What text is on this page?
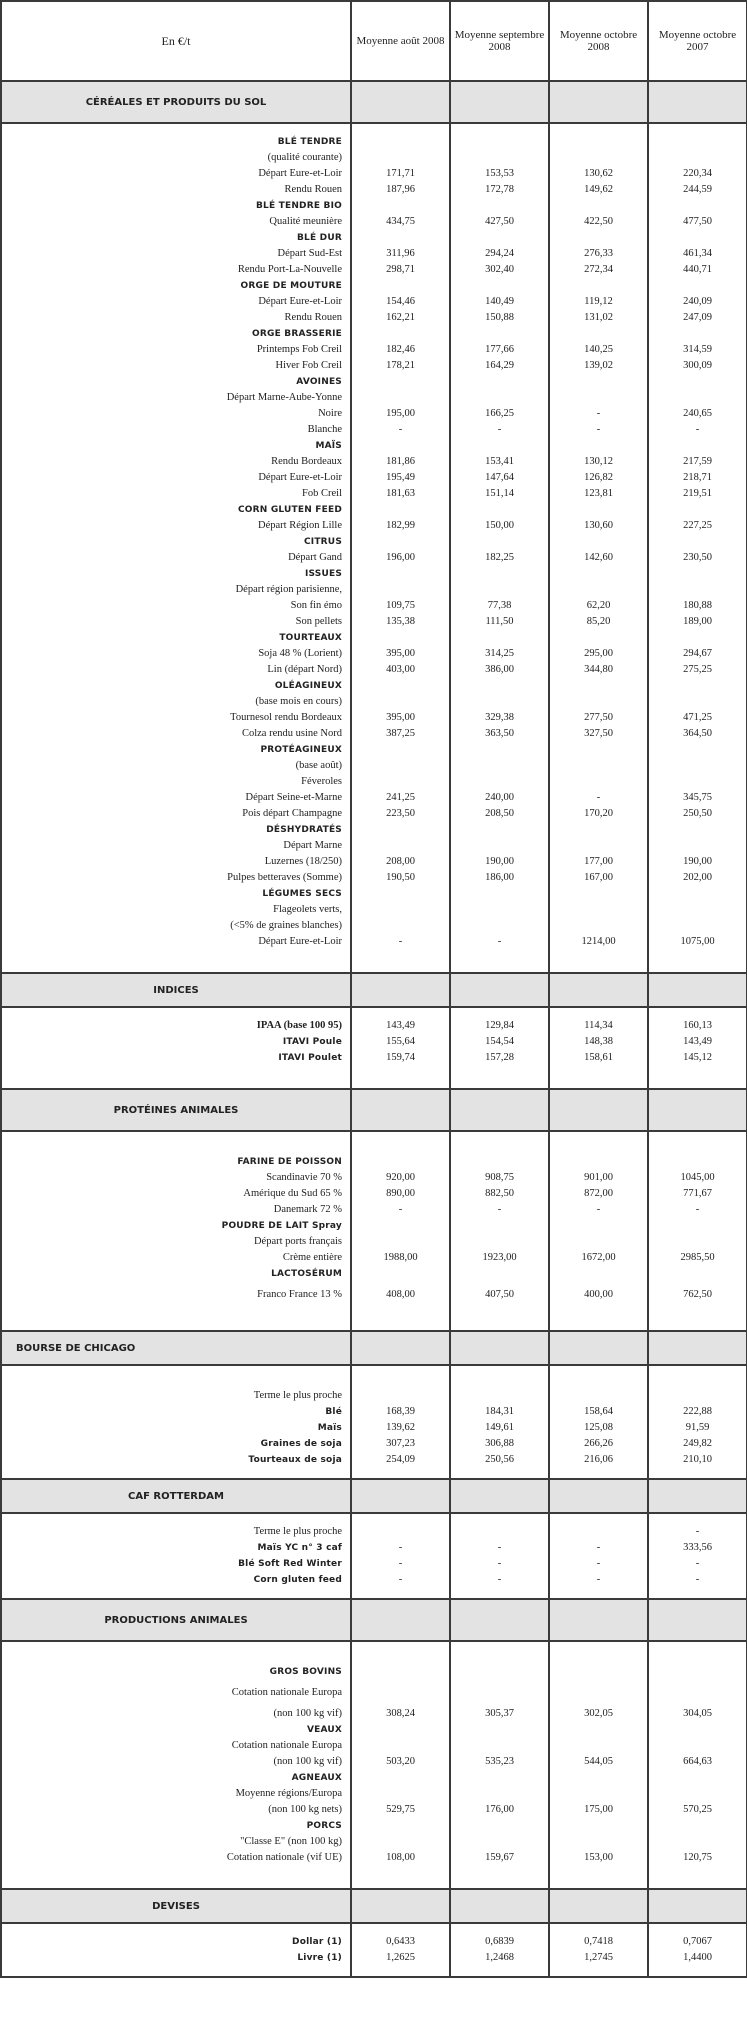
En €/t	Moyenne août 2008	Moyenne septembre 2008	Moyenne octobre 2008	Moyenne octobre 2007
CÉRÉALES ET PRODUITS DU SOL				

BLÉ TENDRE				
(qualité courante)				
Départ Eure-et-Loir	171,71	153,53	130,62	220,34
Rendu Rouen	187,96	172,78	149,62	244,59
BLÉ TENDRE BIO				
Qualité meunière	434,75	427,50	422,50	477,50
BLÉ DUR				
Départ Sud-Est	311,96	294,24	276,33	461,34
Rendu Port-La-Nouvelle	298,71	302,40	272,34	440,71
ORGE DE MOUTURE				
Départ Eure-et-Loir	154,46	140,49	119,12	240,09
Rendu Rouen	162,21	150,88	131,02	247,09
ORGE BRASSERIE				
Printemps Fob Creil	182,46	177,66	140,25	314,59
Hiver Fob Creil	178,21	164,29	139,02	300,09
AVOINES				
Départ Marne-Aube-Yonne				
Noire	195,00	166,25	-	240,65
Blanche	-	-	-	-
MAÏS				
Rendu Bordeaux	181,86	153,41	130,12	217,59
Départ Eure-et-Loir	195,49	147,64	126,82	218,71
Fob Creil	181,63	151,14	123,81	219,51
CORN GLUTEN FEED				
Départ Région Lille	182,99	150,00	130,60	227,25
CITRUS				
Départ Gand	196,00	182,25	142,60	230,50
ISSUES				
Départ région parisienne,				
Son fin émo	109,75	77,38	62,20	180,88
Son pellets	135,38	111,50	85,20	189,00
TOURTEAUX				
Soja 48 % (Lorient)	395,00	314,25	295,00	294,67
Lin (départ Nord)	403,00	386,00	344,80	275,25
OLÉAGINEUX				
(base mois en cours)				
Tournesol rendu Bordeaux	395,00	329,38	277,50	471,25
Colza rendu usine Nord	387,25	363,50	327,50	364,50
PROTÉAGINEUX				
(base août)				
Féveroles				
Départ Seine-et-Marne	241,25	240,00	-	345,75
Pois départ Champagne	223,50	208,50	170,20	250,50
DÉSHYDRATÉS				
Départ Marne				
Luzernes (18/250)	208,00	190,00	177,00	190,00
Pulpes betteraves (Somme)	190,50	186,00	167,00	202,00
LÉGUMES SECS				
Flageolets verts,				
(<5% de graines blanches)				
Départ Eure-et-Loir	-	-	1214,00	1075,00

INDICES				

IPAA (base 100 95)	143,49	129,84	114,34	160,13
ITAVI Poule	155,64	154,54	148,38	143,49
ITAVI Poulet	159,74	157,28	158,61	145,12

PROTÉINES ANIMALES				

FARINE DE POISSON				
Scandinavie 70 %	920,00	908,75	901,00	1045,00
Amérique du Sud 65 %	890,00	882,50	872,00	771,67
Danemark 72 %	-	-	-	-
POUDRE DE LAIT Spray				
Départ ports français				
Crème entière	1988,00	1923,00	1672,00	2985,50
LACTOSÉRUM				
Franco France 13 %	408,00	407,50	400,00	762,50

BOURSE DE CHICAGO				

Terme le plus proche				
Blé	168,39	184,31	158,64	222,88
Maïs	139,62	149,61	125,08	91,59
Graines de soja	307,23	306,88	266,26	249,82
Tourteaux de soja	254,09	250,56	216,06	210,10

CAF ROTTERDAM				

Terme le plus proche				-
Maïs YC n° 3 caf	-	-	-	333,56
Blé Soft Red Winter	-	-	-	-
Corn gluten feed	-	-	-	-

PRODUCTIONS ANIMALES				

GROS BOVINS				
Cotation nationale Europa				
(non 100 kg vif)	308,24	305,37	302,05	304,05
VEAUX				
Cotation nationale Europa				
(non 100 kg vif)	503,20	535,23	544,05	664,63
AGNEAUX				
Moyenne régions/Europa				
(non 100 kg nets)	529,75	176,00	175,00	570,25
PORCS				
"Classe E" (non 100 kg)				
Cotation nationale (vif UE)	108,00	159,67	153,00	120,75

DEVISES				

Dollar (1)	0,6433	0,6839	0,7418	0,7067
Livre (1)	1,2625	1,2468	1,2745	1,4400
